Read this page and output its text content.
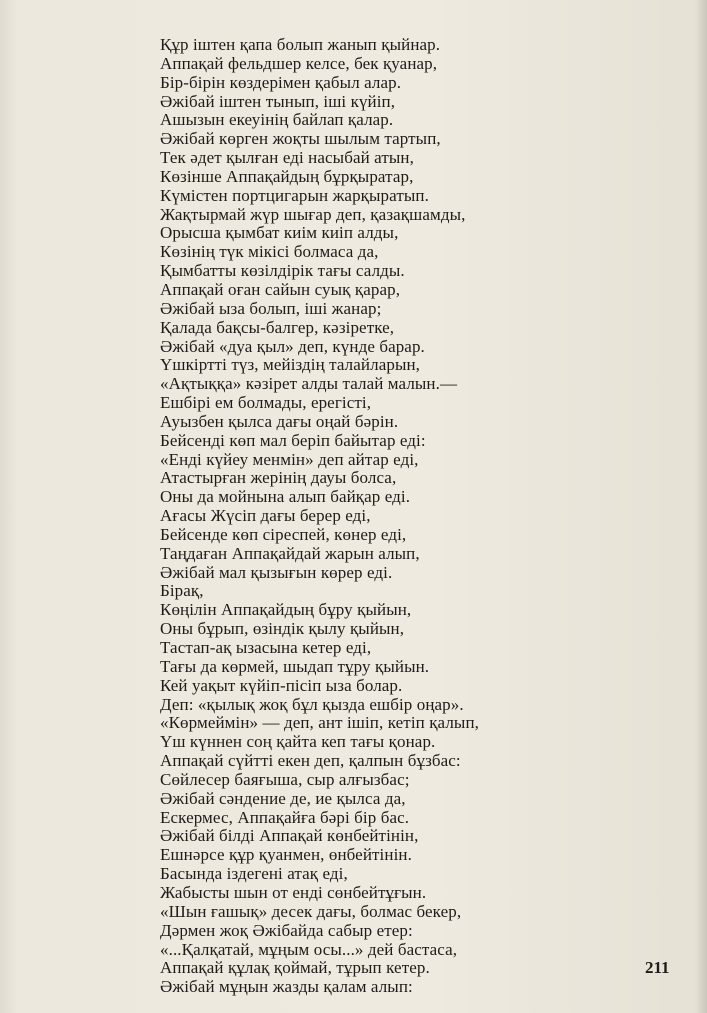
Құр іштен қапа болып жанып қыйнар.
Аппақай фельдшер келсе, бек қуанар,
Бір-бірін көздерімен қабыл алар.
Әжібай іштен тынып, іші күйіп,
Ашызын екеуінің байлап қалар.
Әжібай көрген жоқты шылым тартып,
Тек әдет қылған еді насыбай атын,
Көзінше Аппақайдың бұрқыратар,
Күмістен портцигарын жарқыратып.
Жақтырмай жүр шығар деп, қазақшамды,
Орысша қымбат киім киіп алды,
Көзінің түк мікісі болмаса да,
Қымбатты көзілдірік тағы салды.
Аппақай оған сайын суық қарар,
Әжібай ыза болып, іші жанар;
Қалада бақсы-балгер, кәзіретке,
Әжібай «дуа қыл» деп, күнде барар.
Үшкіртті түз, мейіздің талайларын,
«Ақтыққа» кәзірет алды талай малын.—
Ешбірі ем болмады, ерегісті,
Ауызбен қылса дағы оңай бәрін.
Бейсенді көп мал беріп байытар еді:
«Енді күйеу менмін» деп айтар еді,
Атастырған жерінің дауы болса,
Оны да мойнына алып байқар еді.
Ағасы Жүсіп дағы берер еді,
Бейсенде көп сіреспей, көнер еді,
Таңдаған Аппақайдай жарын алып,
Әжібай мал қызығын көрер еді.
Бірақ,
Көңілін Аппақайдың бұру қыйын,
Оны бұрып, өзіндік қылу қыйын,
Тастап-ақ ызасына кетер еді,
Тағы да көрмей, шыдап тұру қыйын.
Кей уақыт күйіп-пісіп ыза болар.
Деп: «қылық жоқ бұл қызда ешбір оңар».
«Көрмеймін» — деп, ант ішіп, кетіп қалып,
Үш күннен соң қайта кеп тағы қонар.
Аппақай сүйтті екен деп, қалпын бұзбас:
Сөйлесер баяғыша, сыр алғызбас;
Әжібай сәндение де, ие қылса да,
Ескермес, Аппақайға бәрі бір бас.
Әжібай білді Аппақай көнбейтінін,
Ешнәрсе құр қуанмен, өнбейтінін.
Басында іздегені атақ еді,
Жабысты шын от енді сөнбейтұғын.
«Шын ғашық» десек дағы, болмас бекер,
Дәрмен жоқ Әжібайда сабыр етер:
«...Қалқатай, мұңым осы...» дей бастаса,
Аппақай құлақ қоймай, тұрып кетер.
Әжібай мұңын жазды қалам алып:
211
